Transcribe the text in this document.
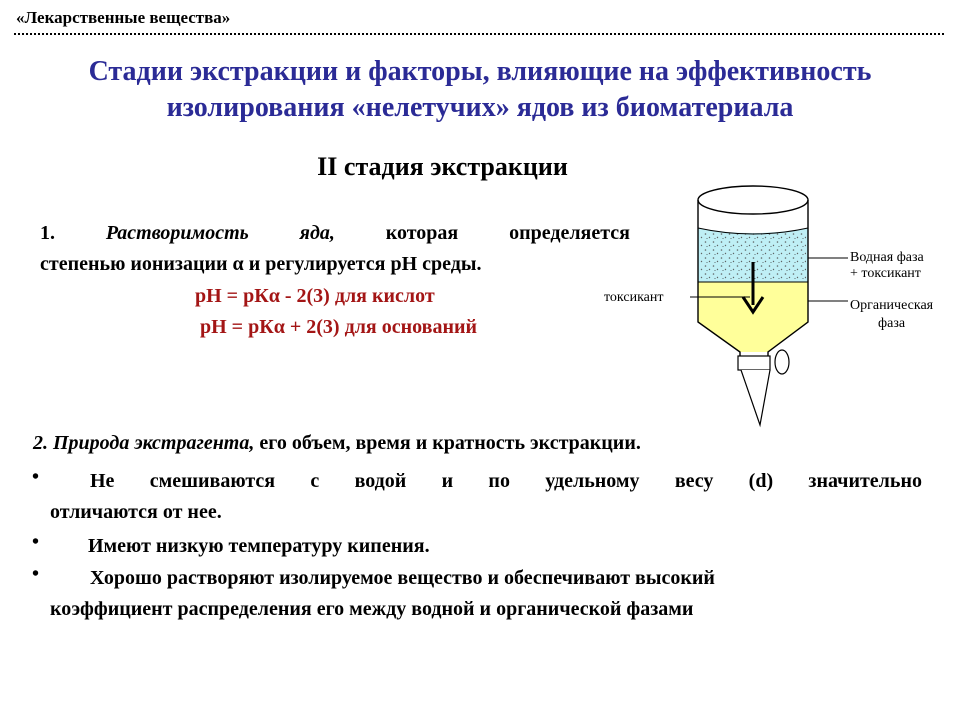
«Лекарственные вещества»
Стадии экстракции и факторы, влияющие на эффективность
изолирования «нелетучих» ядов из биоматериала
II стадия экстракции
1.	Растворимость яда,	которая определяется
степенью ионизации α и регулируется рН среды.
рН = рКα - 2(3) для кислот
рН = рКα + 2(3) для оснований
Водная фаза
+ токсикант
Органическая
фаза
токсикант
2. Природа экстрагента, его объем, время и кратность экстракции.
•	Не смешиваются с водой и по удельному весу (d) значительно
отличаются от нее.
• Имеют низкую температуру кипения.
•	Хорошо растворяют изолируемое вещество и обеспечивают высокий
коэффициент распределения его между водной и органической фазами
